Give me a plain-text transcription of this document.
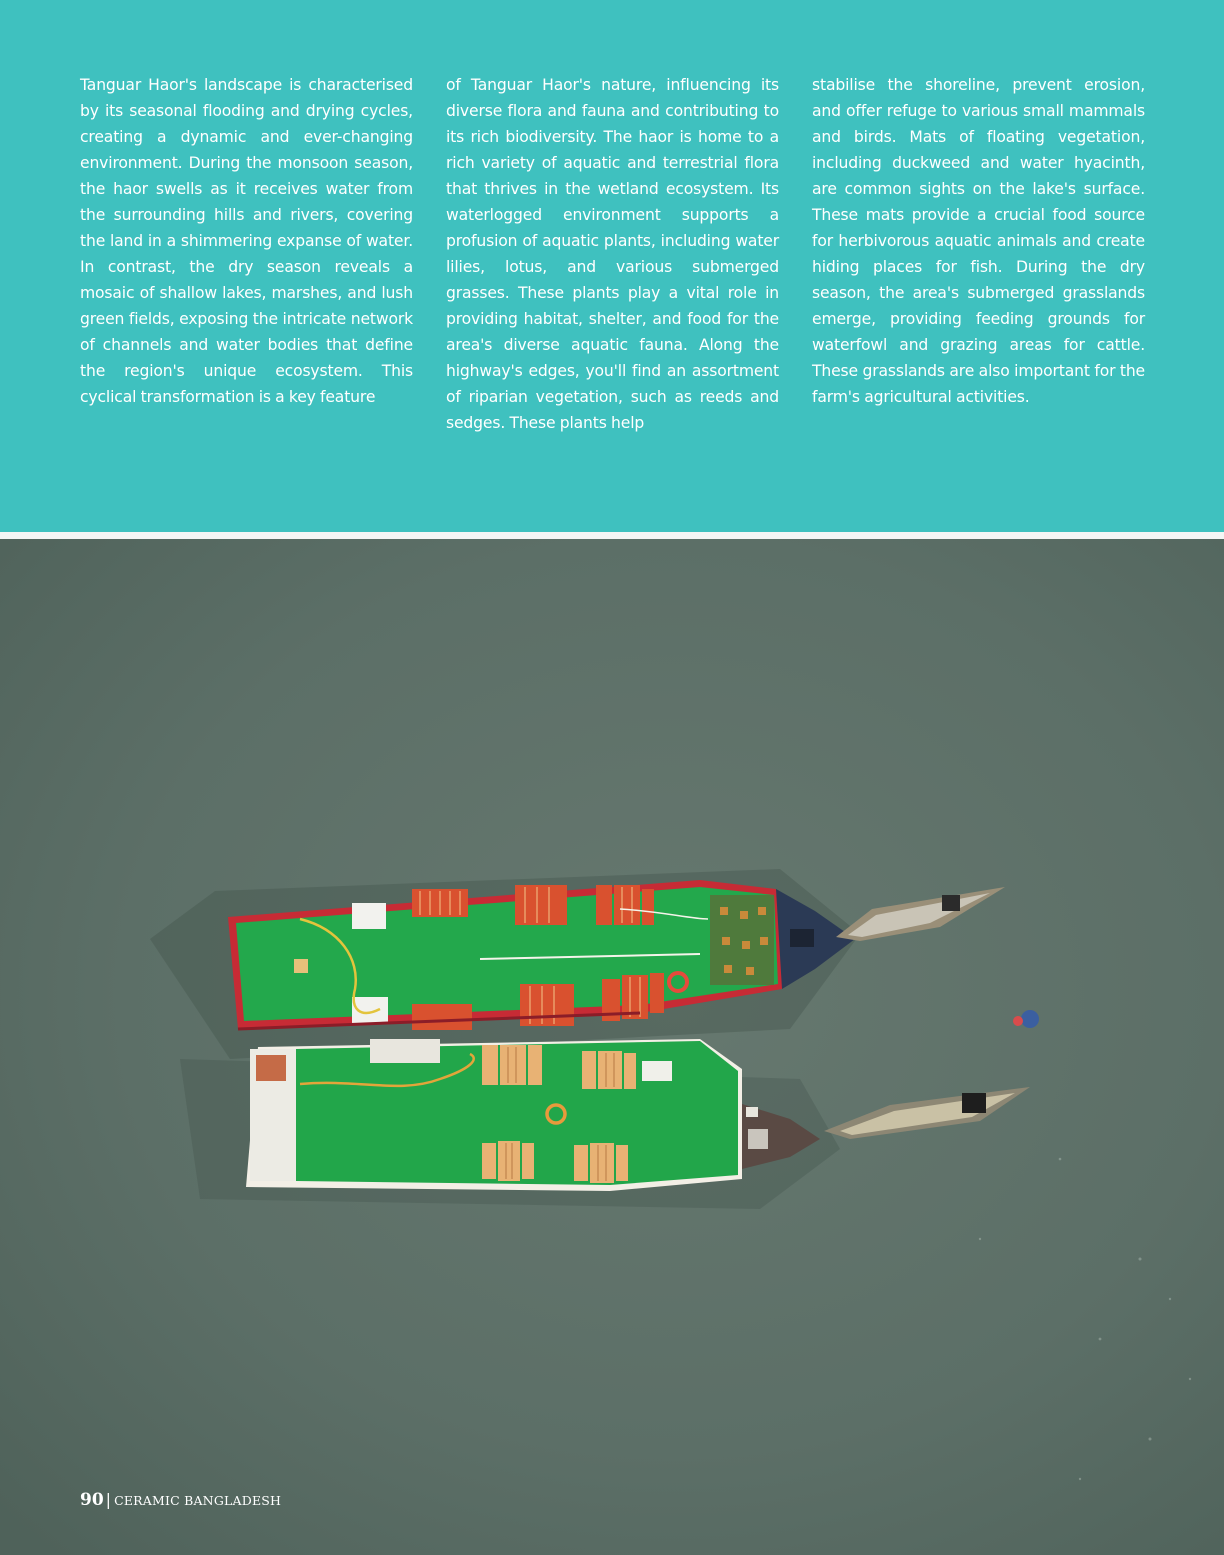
Tanguar Haor's landscape is characterised by its seasonal flooding and drying cycles, creating a dynamic and ever-changing environment. During the monsoon season, the haor swells as it receives water from the surrounding hills and rivers, covering the land in a shimmering expanse of water. In contrast, the dry season reveals a mosaic of shallow lakes, marshes, and lush green fields, exposing the intricate network of channels and water bodies that define the region's unique ecosystem. This cyclical transformation is a key feature

of Tanguar Haor's nature, influencing its diverse flora and fauna and contributing to its rich biodiversity. The haor is home to a rich variety of aquatic and terrestrial flora that thrives in the wetland ecosystem. Its waterlogged environment supports a profusion of aquatic plants, including water lilies, lotus, and various submerged grasses. These plants play a vital role in providing habitat, shelter, and food for the area's diverse aquatic fauna. Along the highway's edges, you'll find an assortment of riparian vegetation, such as reeds and sedges. These plants help

stabilise the shoreline, prevent erosion, and offer refuge to various small mammals and birds. Mats of floating vegetation, including duckweed and water hyacinth, are common sights on the lake's surface. These mats provide a crucial food source for herbivorous aquatic animals and create hiding places for fish. During the dry season, the area's submerged grasslands emerge, providing feeding grounds for waterfowl and grazing areas for cattle. These grasslands are also important for the farm's agricultural activities.

90 | CERAMIC BANGLADESH
